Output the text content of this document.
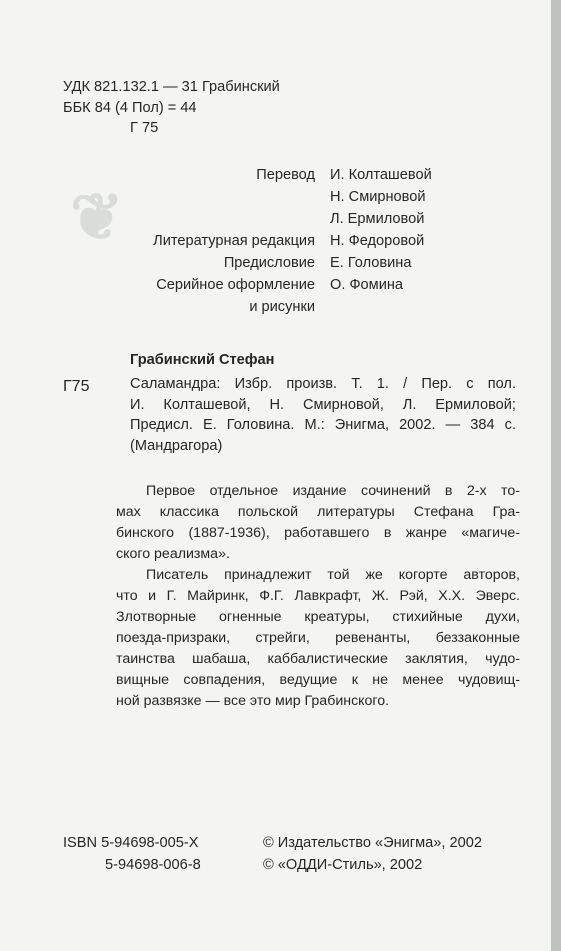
❦

УДК 821.132.1 — 31 Грабинский

ББК 84 (4 Пол) = 44

Г 75

Перевод И. Колташевой
Н. Смирновой
Л. Ермиловой
Литературная редакция Н. Федоровой
Предисловие Е. Головина
Серийное оформление О. Фомина
и рисунки
Грабинский Стефан
Г75	Саламандра: Избр. произв. Т. 1. / Пер. с пол.
И. Колташевой, Н. Смирновой, Л. Ермиловой;
Предисл. Е. Головина. М.: Энигма, 2002. — 384 с.
(Мандрагора)
Первое отдельное издание сочинений в 2-х то-
мах классика польской литературы Стефана Гра-
бинского (1887-1936), работавшего в жанре «магиче-
ского реализма».
Писатель принадлежит той же когорте авторов,
что и Г. Майринк, Ф.Г. Лавкрафт, Ж. Рэй, Х.Х. Эверс.
Злотворные огненные креатуры, стихийные духи,
поезда-призраки, стрейги, ревенанты, беззаконные
таинства шабаша, каббалистические заклятия, чудо-
вищные совпадения, ведущие к не менее чудовищ-
ной развязке — все это мир Грабинского.
ISBN 5-94698-005-X
5-94698-006-8
© Издательство «Энигма», 2002
© «ОДДИ-Стиль», 2002
